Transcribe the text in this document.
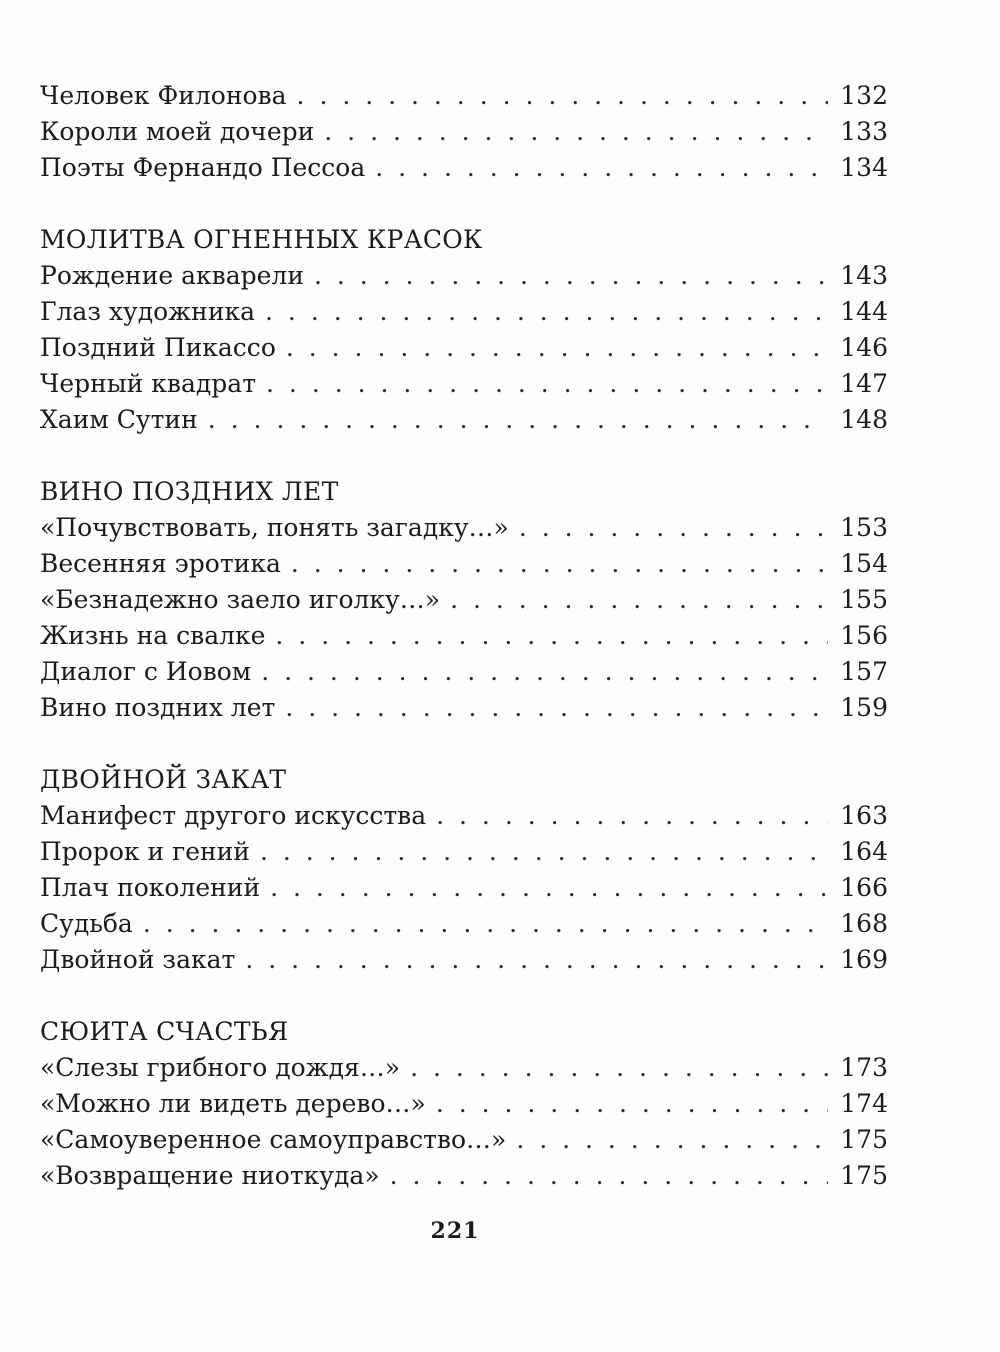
Человек Филонова . . .	132
Короли моей дочери . . .	133
Поэты Фернандо Пессоа . . .	134
МОЛИТВА ОГНЕННЫХ КРАСОК
Рождение акварели . . .	143
Глаз художника . . .	144
Поздний Пикассо . . .	146
Черный квадрат . . .	147
Хаим Сутин . . .	148
ВИНО ПОЗДНИХ ЛЕТ
«Почувствовать, понять загадку…» . . .	153
Весенняя эротика . . .	154
«Безнадежно заело иголку…» . . .	155
Жизнь на свалке . . .	156
Диалог с Иовом . . .	157
Вино поздних лет . . .	159
ДВОЙНОЙ ЗАКАТ
Манифест другого искусства . . .	163
Пророк и гений . . .	164
Плач поколений . . .	166
Судьба . . .	168
Двойной закат . . .	169
СЮИТА СЧАСТЬЯ
«Слезы грибного дождя…» . . .	173
«Можно ли видеть дерево…» . . .	174
«Самоуверенное самоуправство…» . . .	175
«Возвращение ниоткуда» . . .	175
221
